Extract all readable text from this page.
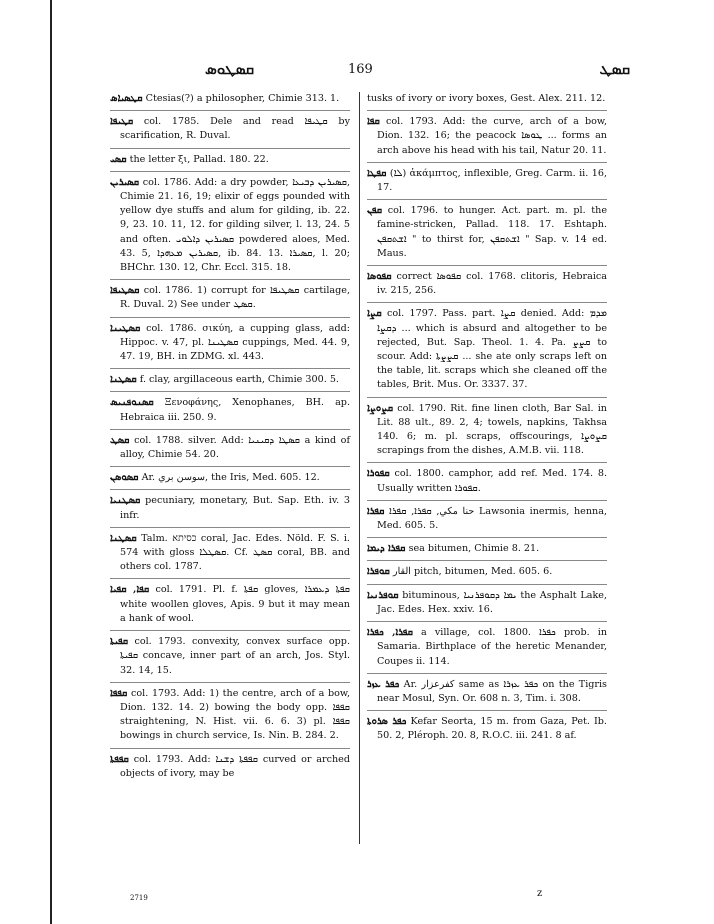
ܩܣܛܘܣ	169	ܩܣܛ

ܩܛܣܝܐܣ Ctesias(?) a philosopher, Chimie 313. 1.

ܩܛܝܦܐ col. 1785. Dele and read ܩܛܝܦܐ by scarification, R. Duval.

ܩܣܝ the letter ξι, Pallad. 180. 22.

ܩܣܝܪܝܢ col. 1786. Add: a dry powder, ܩܣܝܪܝܢ ܕܒܝܥܐ, Chimie 21. 16, 19; elixir of eggs pounded with yellow dye stuffs and alum for gilding, ib. 22. 9, 23. 10. 11, 12. for gilding silver, l. 13, 24. 5 and often. ܩܣܝܪܝܢ ܕܐܠܘܝ powdered aloes, Med. 43. 5, ܩܣܝܪܝܢ ܡܥܗܕܐ, ib. 84. 13. ܩܣܝܪܐ, l. 20; BHChr. 130. 12, Chr. Eccl. 315. 18.

ܩܣܛܝܦܐ col. 1786. 1) corrupt for ܩܣܛܝܦܐ cartilage, R. Duval. 2) See under ܩܣܛ.

ܩܣܛܝܢܐ col. 1786. σικύη, a cupping glass, add: Hippoc. v. 47, pl. ܩܣܛܝܢܐ cuppings, Med. 44. 9, 47. 19, BH. in ZDMG. xl. 443.

ܩܣܛܢܐ f. clay, argillaceous earth, Chimie 300. 5.

ܩܣܢܘܦܢܝܣ Ξενοφάνης, Xenophanes, BH. ap. Hebraica iii. 250. 9.

ܩܣܛ col. 1788. silver. Add: ܩܣܛܐ ܕܩܝܢܝܐ a kind of alloy, Chimie 54. 20.

ܩܣܘܣܢ Ar. سوسن بري, the Iris, Med. 605. 12.

ܩܣܛܢܝܐ pecuniary, monetary, But. Sap. Eth. iv. 3 infr.

ܩܣܛܢܐ Talm. כסיתא coral, Jac. Edes. Nöld. F. S. i. 574 with gloss ܩܣܛܠܐ. Cf. ܩܣܛ coral, BB. and others col. 1787.

ܩܦܐ, ܩܦܝܐ col. 1791. Pl. f. ܩܦܬܐ gloves, ܩܦܬܐ ܕܥܡܪܐ white woollen gloves, Apis. 9 but it may mean a hank of wool.

ܩܦܝܬܐ col. 1793. convexity, convex surface opp. ܩܦܝܬܐ concave, inner part of an arch, Jos. Styl. 32. 14, 15.

ܩܦܦܐ col. 1793. Add: 1) the centre, arch of a bow, Dion. 132. 14. 2) bowing the body opp. ܩܦܦܐ straightening, N. Hist. vii. 6. 6. 3) pl. ܩܦܦܐ bowings in church service, Is. Nin. B. 284. 2.

ܩܦܦܬܐ col. 1793. Add: ܩܦܦܬܐ ܕܫܢܐ curved or arched objects of ivory, may be

tusks of ivory or ivory boxes, Gest. Alex. 211. 12.

ܩܦܐ col. 1793. Add: the curve, arch of a bow, Dion. 132. 16; the peacock ܛܘܤܐ ... forms an arch above his head with his tail, Natur 20. 11.

ܩܦܛܐ (ܠܐ) ἀκάμπτος, inflexible, Greg. Carm. ii. 16, 17.

ܩܦܢ col. 1796. to hunger. Act. part. m. pl. the famine-stricken, Pallad. 118. 17. Eshtaph. ܐܫܬܩܦܢ " to thirst for, ܐܫܬܩܦܢ " Sap. v. 14 ed. Maus.

ܩܦܘܣܐ correct ܩܦܘܣܐ col. 1768. clitoris, Hebraica iv. 215, 256.

ܩܨܐ col. 1797. Pass. part. ܩܨܐ denied. Add: ܡܕܡ ܕܩܨܐ ... which is absurd and altogether to be rejected, But. Sap. Theol. 1. 4. Pa. ܩܨܨ to scour. Add: ܩܨܨܬܐ ... she ate only scraps left on the table, lit. scraps which she cleaned off the tables, Brit. Mus. Or. 3337. 37.

ܩܨܘܨܐ col. 1790. Rit. fine linen cloth, Bar Sal. in Lit. 88 ult., 89. 2, 4; towels, napkins, Takhsa 140. 6; m. pl. scraps, offscourings, ܩܨܘܨܐ scrapings from the dishes, A.M.B. vii. 118.

ܩܦܘܪܐ col. 1800. camphor, add ref. Med. 174. 8. Usually written ܩܦܘܪܐ.

ܩܦܪܐ حنا مكي, ܩܦܪܐ, ܩܦܪܐ Lawsonia inermis, henna, Med. 605. 5.

ܩܦܪܐ ܕܝܡܐ sea bitumen, Chimie 8. 21.

ܩܘܦܪܐ القار pitch, bitumen, Med. 605. 6.

ܩܘܦܪܢܝܐ bituminous, ܝܡܐ ܕܩܘܦܪܢܝܐ the Asphalt Lake, Jac. Edes. Hex. xxiv. 16.

ܩܦܪܐ, ܟܦܪܐ a village, col. 1800. ܟܦܪܐ prob. in Samaria. Birthplace of the heretic Menander, Coupes ii. 114.

ܟܦܪ ܥܙܪ Ar. كفرعزار same as ܟܦܪ ܥܙܪܐ on the Tigris near Mosul, Syn. Or. 608 n. 3, Tim. i. 308.

ܟܦܪ ܣܪܘܬܐ Kefar Seorta, 15 m. from Gaza, Pet. Ib. 50. 2, Pléroph. 20. 8, R.O.C. iii. 241. 8 af.

2719	z
